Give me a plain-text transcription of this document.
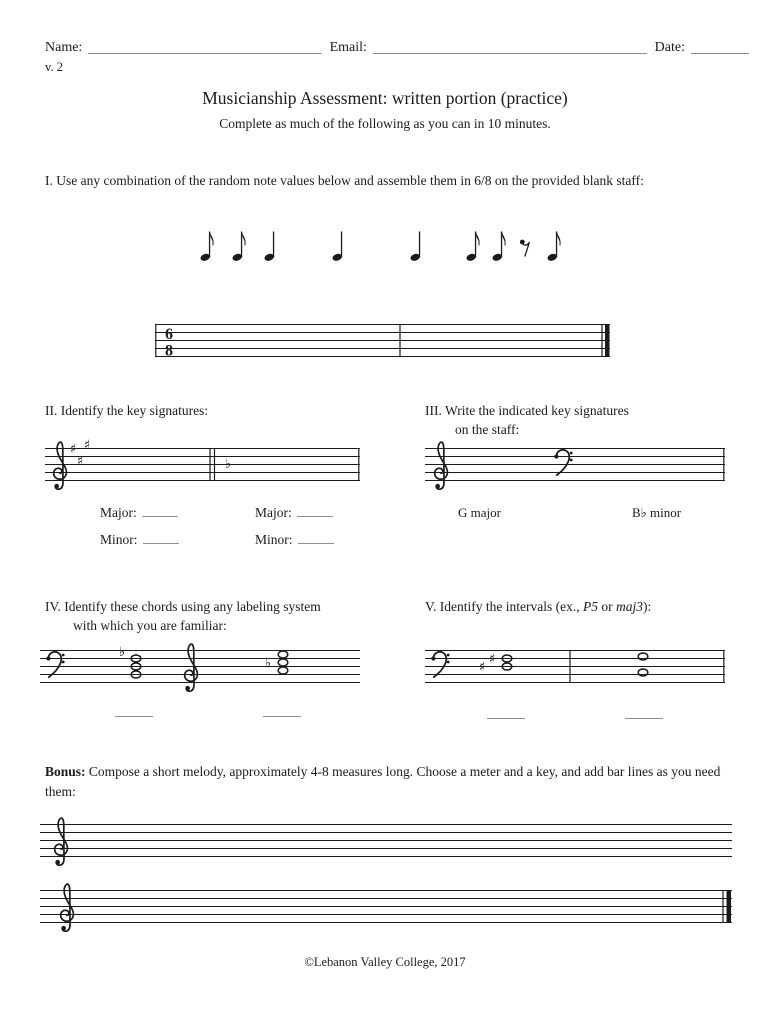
Name:	Email:	Date:
v. 2
Musicianship Assessment: written portion (practice)
Complete as much of the following as you can in 10 minutes.
I. Use any combination of the random note values below and assemble them in 6/8 on the provided blank staff:
6
8
II. Identify the key signatures:
♯
♯
♯
♭
Major:	Major:
Minor:	Minor:
III. Write the indicated key signatures
on the staff:
G major	B♭ minor
IV. Identify these chords using any labeling system
with which you are familiar:
♭
♭
V. Identify the intervals (ex., P5 or maj3):
♯
♯
Bonus: Compose a short melody, approximately 4-8 measures long. Choose a meter and a key, and add bar lines as you need them:
©Lebanon Valley College, 2017
